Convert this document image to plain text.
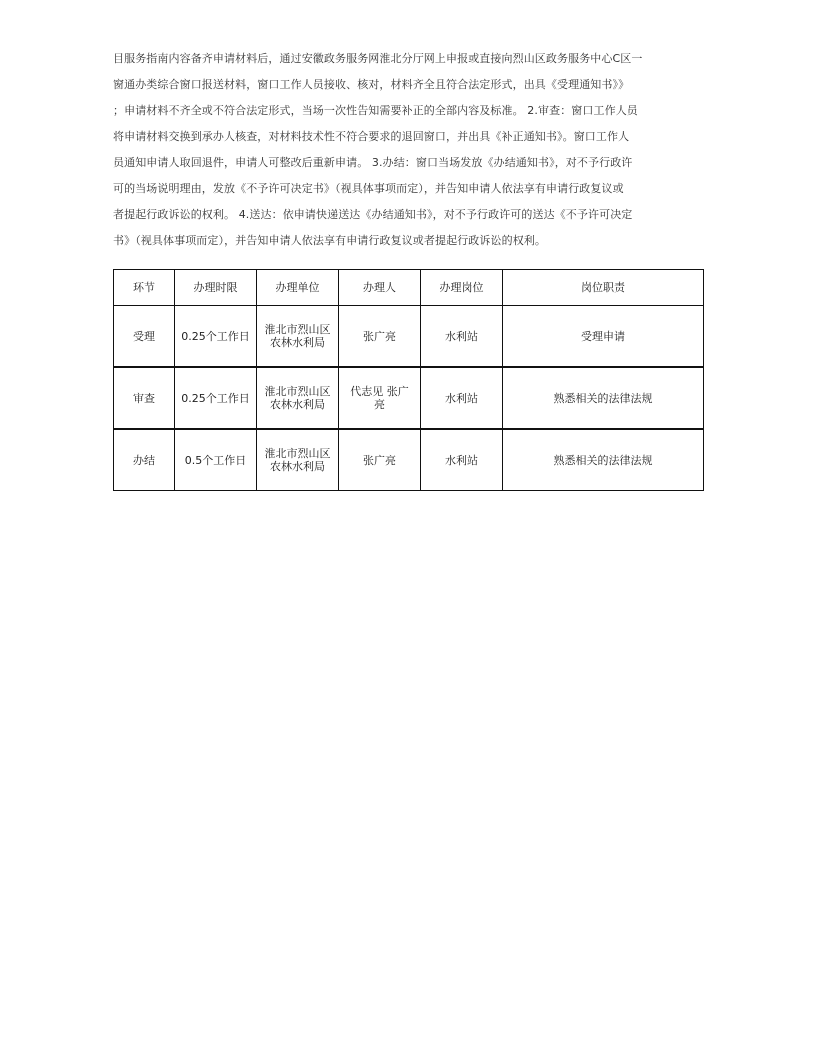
目服务指南内容备齐申请材料后，通过安徽政务服务网淮北分厅网上申报或直接向烈山区政务服务中心C区一
窗通办类综合窗口报送材料，窗口工作人员接收、核对，材料齐全且符合法定形式，出具《受理通知书》》
；申请材料不齐全或不符合法定形式，当场一次性告知需要补正的全部内容及标准。 2.审查：窗口工作人员
将申请材料交换到承办人核查，对材料技术性不符合要求的退回窗口，并出具《补正通知书》。窗口工作人
员通知申请人取回退件，申请人可整改后重新申请。 3.办结：窗口当场发放《办结通知书》，对不予行政许
可的当场说明理由，发放《不予许可决定书》（视具体事项而定），并告知申请人依法享有申请行政复议或
者提起行政诉讼的权利。 4.送达：依申请快递送达《办结通知书》，对不予行政许可的送达《不予许可决定
书》（视具体事项而定），并告知申请人依法享有申请行政复议或者提起行政诉讼的权利。
环节	办理时限	办理单位	办理人	办理岗位	岗位职责
受理	0.25个工作日	淮北市烈山区农林水利局	张广亮	水利站	受理申请
审查	0.25个工作日	淮北市烈山区农林水利局	代志见 张广亮	水利站	熟悉相关的法律法规
办结	0.5个工作日	淮北市烈山区农林水利局	张广亮	水利站	熟悉相关的法律法规
